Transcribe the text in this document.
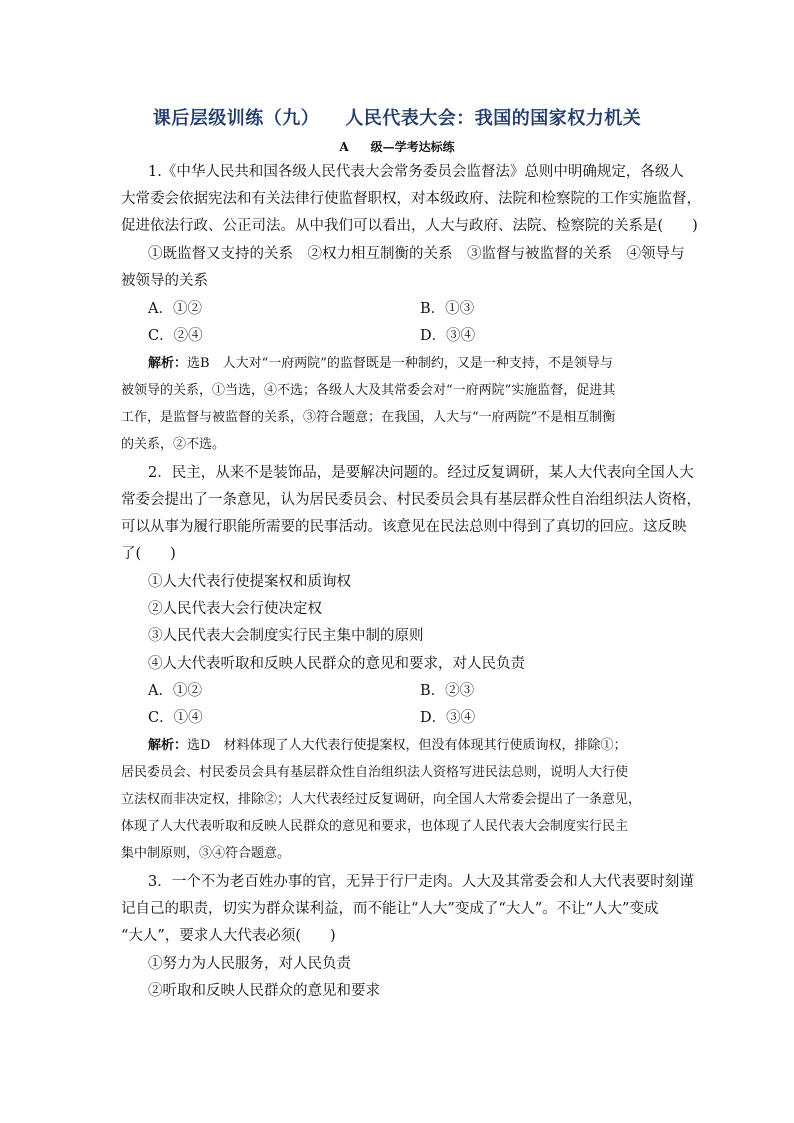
课后层级训练（九） 人民代表大会：我国的国家权力机关
A 级—学考达标练
1.《中华人民共和国各级人民代表大会常务委员会监督法》总则中明确规定，各级人
大常委会依据宪法和有关法律行使监督职权，对本级政府、法院和检察院的工作实施监督，
促进依法行政、公正司法。从中我们可以看出，人大与政府、法院、检察院的关系是(　　)
①既监督又支持的关系　②权力相互制衡的关系　③监督与被监督的关系　④领导与
被领导的关系
A．①②	B．①③
C．②④	D．③④
解析：选B　人大对“一府两院”的监督既是一种制约，又是一种支持，不是领导与
被领导的关系，①当选，④不选；各级人大及其常委会对“一府两院”实施监督，促进其
工作，是监督与被监督的关系，③符合题意；在我国，人大与“一府两院”不是相互制衡
的关系，②不选。
2．民主，从来不是装饰品，是要解决问题的。经过反复调研，某人大代表向全国人大
常委会提出了一条意见，认为居民委员会、村民委员会具有基层群众性自治组织法人资格，
可以从事为履行职能所需要的民事活动。该意见在民法总则中得到了真切的回应。这反映
了(　　)
①人大代表行使提案权和质询权
②人民代表大会行使决定权
③人民代表大会制度实行民主集中制的原则
④人大代表听取和反映人民群众的意见和要求，对人民负责
A．①②	B．②③
C．①④	D．③④
解析：选D　材料体现了人大代表行使提案权，但没有体现其行使质询权，排除①；
居民委员会、村民委员会具有基层群众性自治组织法人资格写进民法总则，说明人大行使
立法权而非决定权，排除②；人大代表经过反复调研，向全国人大常委会提出了一条意见，
体现了人大代表听取和反映人民群众的意见和要求，也体现了人民代表大会制度实行民主
集中制原则，③④符合题意。
3．一个不为老百姓办事的官，无异于行尸走肉。人大及其常委会和人大代表要时刻谨
记自己的职责，切实为群众谋利益，而不能让“人大”变成了“大人”。不让“人大”变成
“大人”，要求人大代表必须(　　)
①努力为人民服务，对人民负责
②听取和反映人民群众的意见和要求
